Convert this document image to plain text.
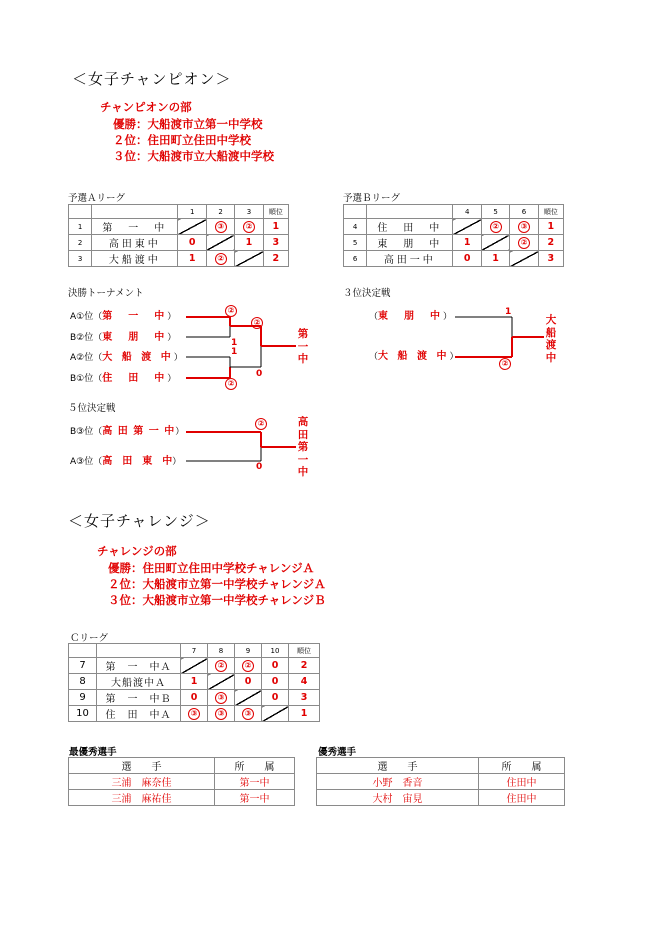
＜女子チャンピオン＞
チャンピオンの部
優勝：大船渡市立第一中学校
２位：住田町立住田中学校
３位：大船渡市立大船渡中学校
予選Ａリーグ
		1	2	3	順位
1	第　一　中		③	②	1
2	高田東中	0		1	3
3	大船渡中	1	②		2
予選Ｂリーグ
		4	5	6	順位
4	住　田　中		②	③	1
5	東　朋　中	1		②	2
6	高田一中	0	1		3
決勝トーナメント
A①位（第　一　中）
B②位（東　朋　中）
A②位（大 船 渡 中）
B①位（住　田　中）
３位決定戦
（東　朋　中）
（大 船 渡 中）
５位決定戦
B③位（高 田 第 一 中）
A③位（高　田　東　中）
②
1
1
②
0
②
第
一
中
1
②
大
船
渡
中
②
0
高
田
第
一
中
＜女子チャレンジ＞
チャレンジの部
優勝：住田町立住田中学校チャレンジＡ
２位：大船渡市立第一中学校チャレンジＡ
３位：大船渡市立第一中学校チャレンジＢ
Ｃリーグ
		7	8	9	10	順位
7	第　一　中Ａ		②	②	0	2
8	大船渡中Ａ	1		0	0	4
9	第　一　中Ｂ	0	③		0	3
10	住　田　中Ａ	③	③	③		1
最優秀選手
選　　手	所　　属
三浦　麻奈佳	第一中
三浦　麻祐佳	第一中
優秀選手
選　　手	所　　属
小野　香音	住田中
大村　宙見	住田中
